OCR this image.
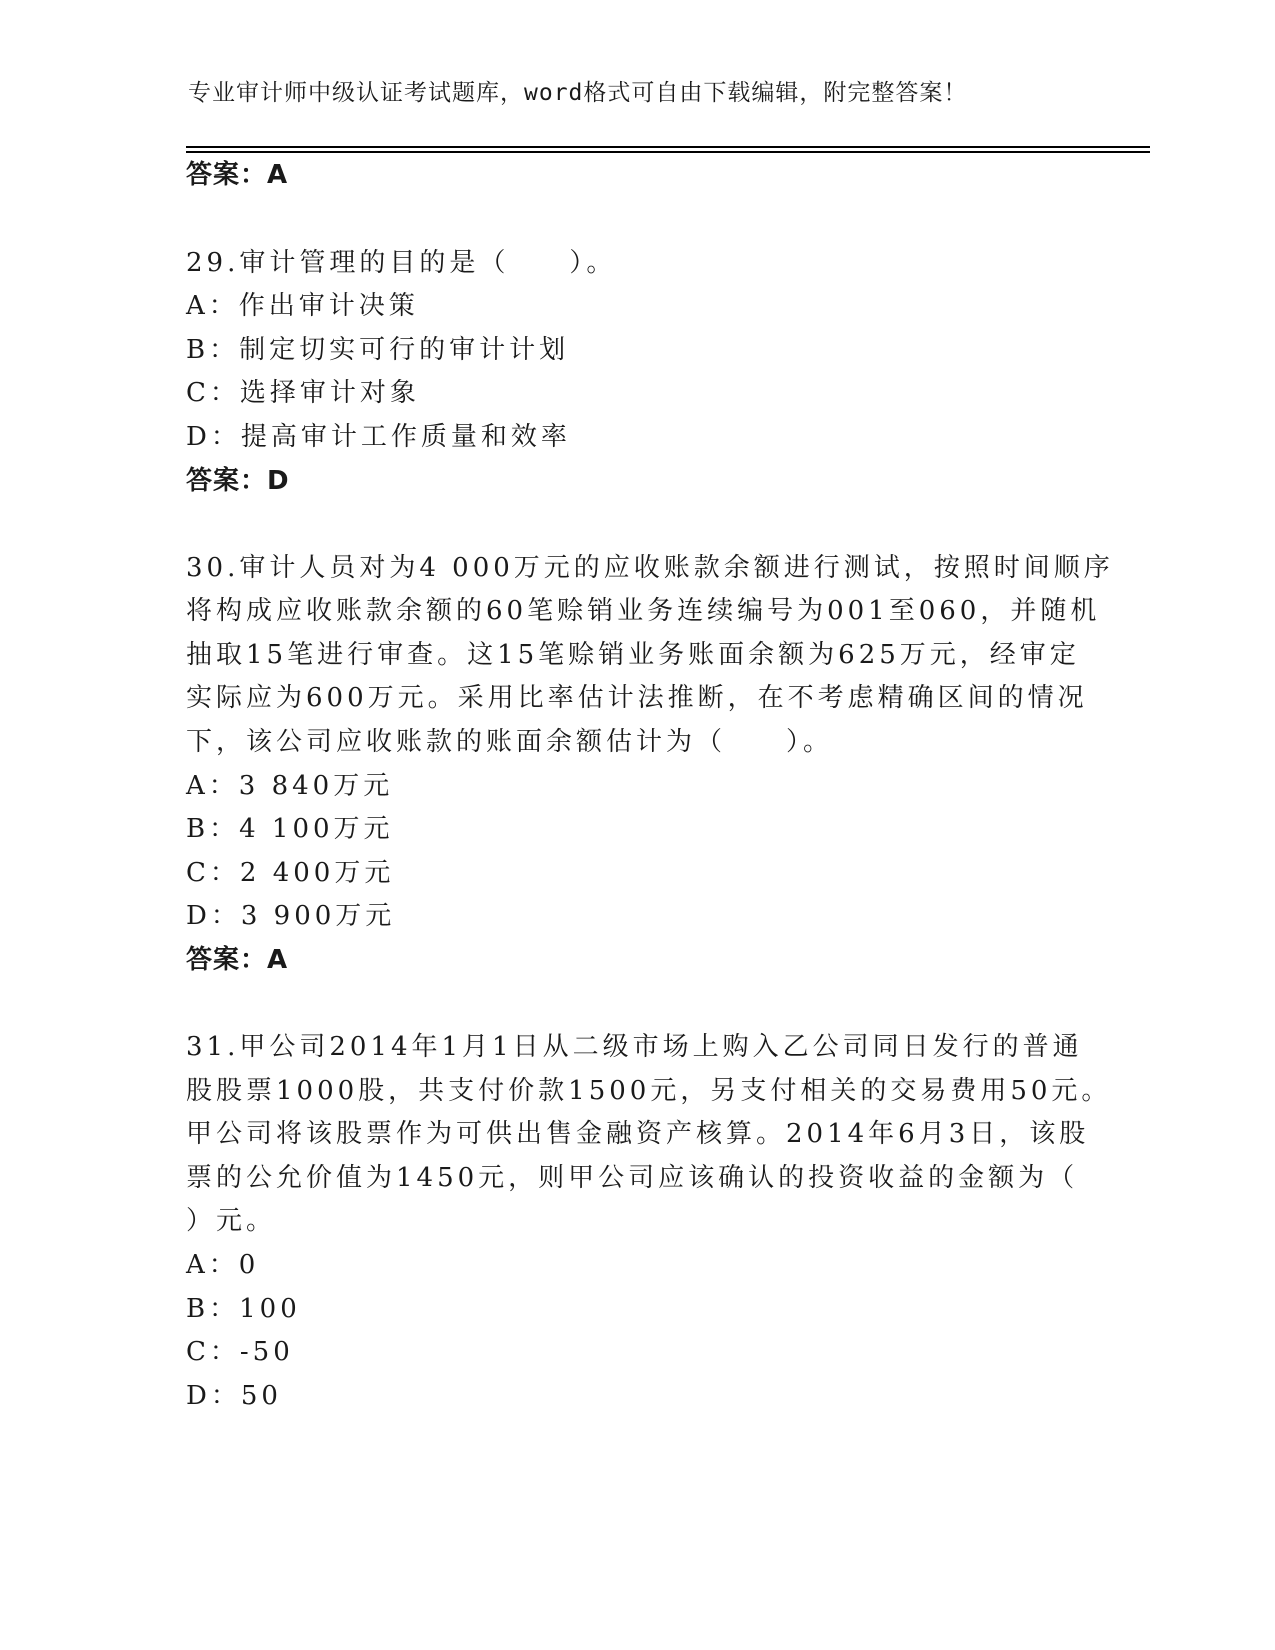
专业审计师中级认证考试题库，word格式可自由下载编辑，附完整答案！
答案：A
29.审计管理的目的是（　　）。
A：作出审计决策
B：制定切实可行的审计计划
C：选择审计对象
D：提高审计工作质量和效率
答案：D
30.审计人员对为4 000万元的应收账款余额进行测试，按照时间顺序
将构成应收账款余额的60笔赊销业务连续编号为001至060，并随机
抽取15笔进行审查。这15笔赊销业务账面余额为625万元，经审定
实际应为600万元。采用比率估计法推断，在不考虑精确区间的情况
下，该公司应收账款的账面余额估计为（　　）。
A：3 840万元
B：4 100万元
C：2 400万元
D：3 900万元
答案：A
31.甲公司2014年1月1日从二级市场上购入乙公司同日发行的普通
股股票1000股，共支付价款1500元，另支付相关的交易费用50元。
甲公司将该股票作为可供出售金融资产核算。2014年6月3日，该股
票的公允价值为1450元，则甲公司应该确认的投资收益的金额为（
）元。
A：0
B：100
C：-50
D：50
